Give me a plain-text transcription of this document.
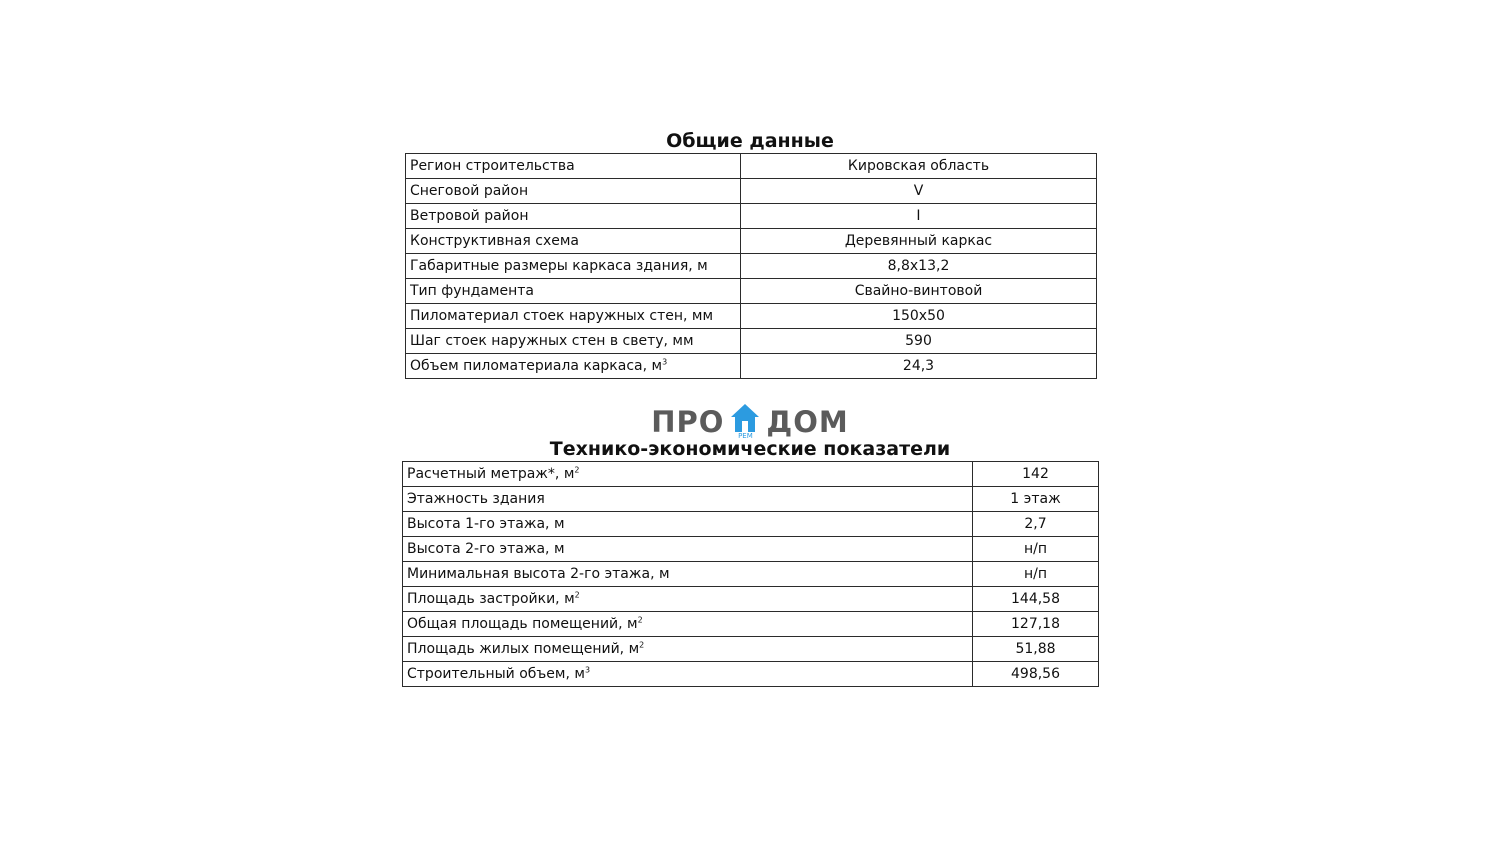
Общие данные
Регион строительства	Кировская область
Снеговой район	V
Ветровой район	I
Конструктивная схема	Деревянный каркас
Габаритные размеры каркаса здания, м	8,8х13,2
Тип фундамента	Свайно-винтовой
Пиломатериал стоек наружных стен, мм	150х50
Шаг стоек наружных стен в свету, мм	590
Объем пиломатериала каркаса, $м^3$	24,3
ПРО	РЕМ ДОМ
Технико-экономические показатели
Расчетный метраж*, $м^2$	142
Этажность здания	1 этаж
Высота 1-го этажа, м	2,7
Высота 2-го этажа, м	н/п
Минимальная высота 2-го этажа, м	н/п
Площадь застройки, $м^2$	144,58
Общая площадь помещений, $м^2$	127,18
Площадь жилых помещений, $м^2$	51,88
Строительный объем, $м^3$	498,56
